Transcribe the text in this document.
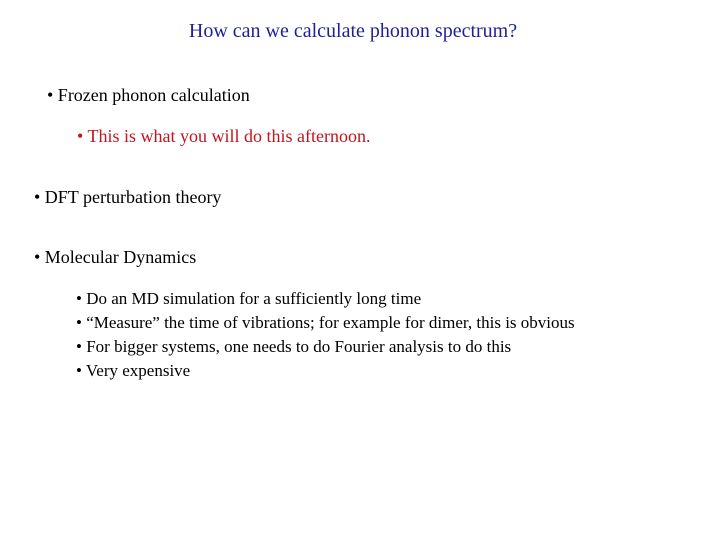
How can we calculate phonon spectrum?
• Frozen phonon calculation
• This is what you will do this afternoon.
• DFT perturbation theory
• Molecular Dynamics
• Do an MD simulation for a sufficiently long time
• “Measure” the time of vibrations; for example for dimer, this is obvious
• For bigger systems, one needs to do Fourier analysis to do this
• Very expensive
